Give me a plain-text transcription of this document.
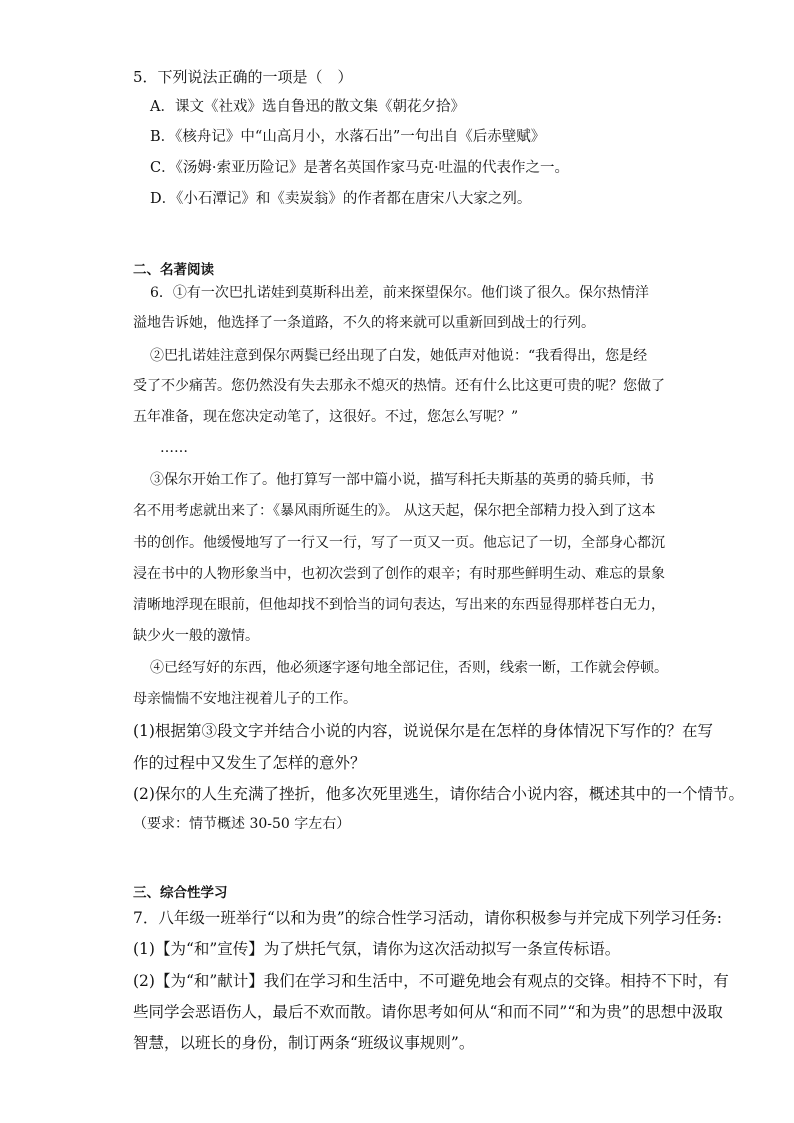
5．下列说法正确的一项是（　）
A．课文《社戏》选自鲁迅的散文集《朝花夕拾》
B．《核舟记》中“山高月小，水落石出”一句出自《后赤壁赋》
C．《汤姆·索亚历险记》是著名英国作家马克·吐温的代表作之一。
D．《小石潭记》和《卖炭翁》的作者都在唐宋八大家之列。
二、名著阅读
6．①有一次巴扎诺娃到莫斯科出差，前来探望保尔。他们谈了很久。保尔热情洋
溢地告诉她，他选择了一条道路，不久的将来就可以重新回到战士的行列。
②巴扎诺娃注意到保尔两鬓已经出现了白发，她低声对他说：“我看得出，您是经
受了不少痛苦。您仍然没有失去那永不熄灭的热情。还有什么比这更可贵的呢？您做了
五年准备，现在您决定动笔了，这很好。不过，您怎么写呢？”
……
③保尔开始工作了。他打算写一部中篇小说，描写科托夫斯基的英勇的骑兵师，书
名不用考虑就出来了：《暴风雨所诞生的》。 从这天起，保尔把全部精力投入到了这本
书的创作。他缓慢地写了一行又一行，写了一页又一页。他忘记了一切，全部身心都沉
浸在书中的人物形象当中，也初次尝到了创作的艰辛；有时那些鲜明生动、难忘的景象
清晰地浮现在眼前，但他却找不到恰当的词句表达，写出来的东西显得那样苍白无力，
缺少火一般的激情。
④已经写好的东西，他必须逐字逐句地全部记住，否则，线索一断，工作就会停顿。
母亲惴惴不安地注视着儿子的工作。
(1)根据第③段文字并结合小说的内容，说说保尔是在怎样的身体情况下写作的？在写
作的过程中又发生了怎样的意外？
(2)保尔的人生充满了挫折，他多次死里逃生，请你结合小说内容，概述其中的一个情节。
（要求：情节概述 30-50 字左右）
三、综合性学习
7．八年级一班举行“以和为贵”的综合性学习活动，请你积极参与并完成下列学习任务:
(1)【为“和”宣传】为了烘托气氛，请你为这次活动拟写一条宣传标语。
(2)【为“和”献计】我们在学习和生活中，不可避免地会有观点的交锋。相持不下时，有
些同学会恶语伤人，最后不欢而散。请你思考如何从“和而不同”“和为贵”的思想中汲取
智慧，以班长的身份，制订两条“班级议事规则”。
